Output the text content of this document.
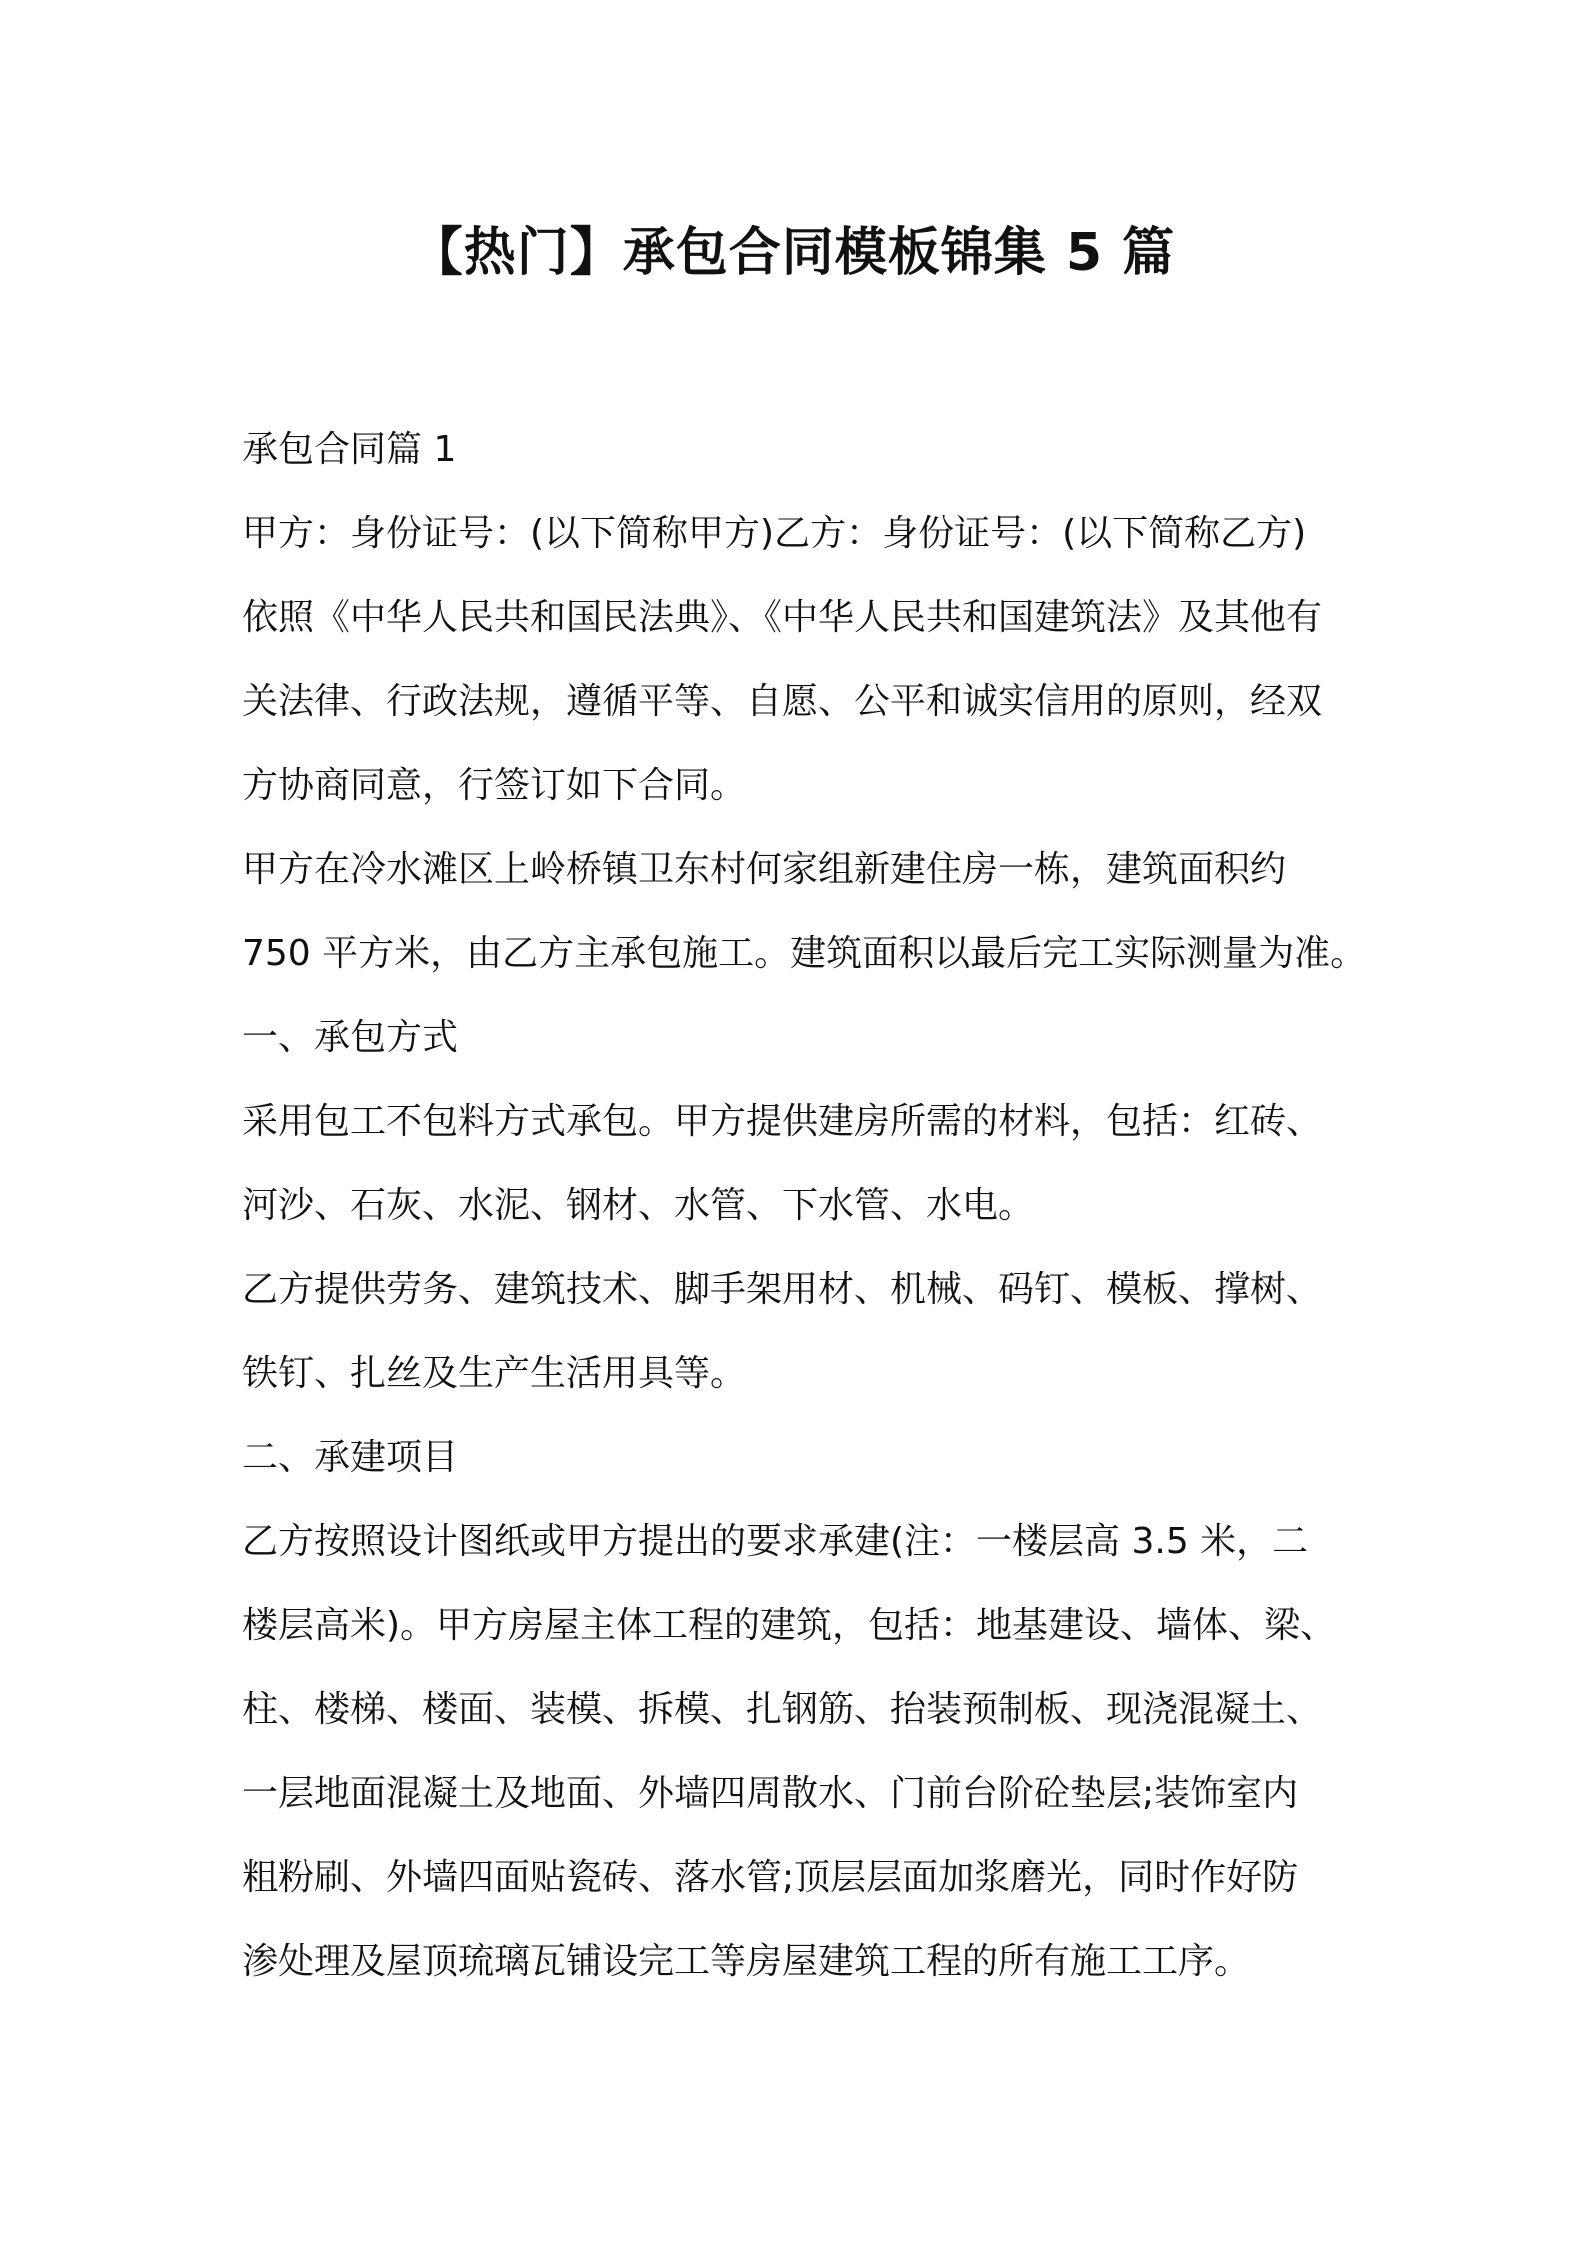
【热门】承包合同模板锦集 5 篇
承包合同篇 1
甲方：身份证号：(以下简称甲方)乙方：身份证号：(以下简称乙方)
依照《中华人民共和国民法典》、《中华人民共和国建筑法》及其他有
关法律、行政法规，遵循平等、自愿、公平和诚实信用的原则，经双
方协商同意，行签订如下合同。
甲方在冷水滩区上岭桥镇卫东村何家组新建住房一栋，建筑面积约
750 平方米，由乙方主承包施工。建筑面积以最后完工实际测量为准。
一、承包方式
采用包工不包料方式承包。甲方提供建房所需的材料，包括：红砖、
河沙、石灰、水泥、钢材、水管、下水管、水电。
乙方提供劳务、建筑技术、脚手架用材、机械、码钉、模板、撑树、
铁钉、扎丝及生产生活用具等。
二、承建项目
乙方按照设计图纸或甲方提出的要求承建(注：一楼层高 3.5 米，二
楼层高米)。甲方房屋主体工程的建筑，包括：地基建设、墙体、梁、
柱、楼梯、楼面、装模、拆模、扎钢筋、抬装预制板、现浇混凝土、
一层地面混凝土及地面、外墙四周散水、门前台阶砼垫层;装饰室内
粗粉刷、外墙四面贴瓷砖、落水管;顶层层面加浆磨光，同时作好防
渗处理及屋顶琉璃瓦铺设完工等房屋建筑工程的所有施工工序。
